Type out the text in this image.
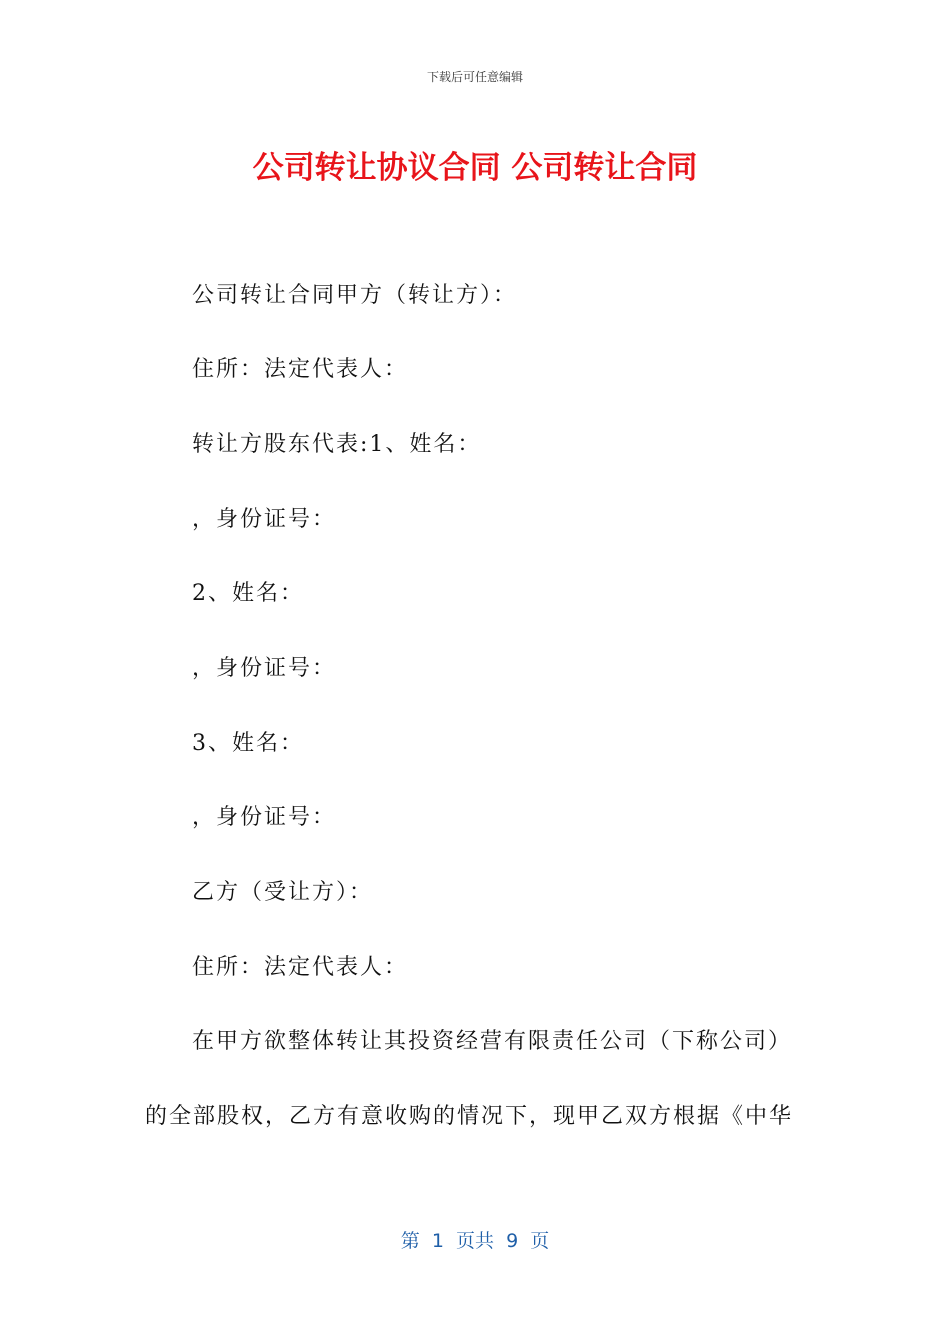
下载后可任意编辑
公司转让协议合同 公司转让合同
公司转让合同甲方（转让方）：
住所：法定代表人：
转让方股东代表:1、姓名：
，身份证号：
2、姓名：
，身份证号：
3、姓名：
，身份证号：
乙方（受让方）：
住所：法定代表人：
在甲方欲整体转让其投资经营有限责任公司（下称公司）
的全部股权，乙方有意收购的情况下，现甲乙双方根据《中华
第  1  页共  9  页
